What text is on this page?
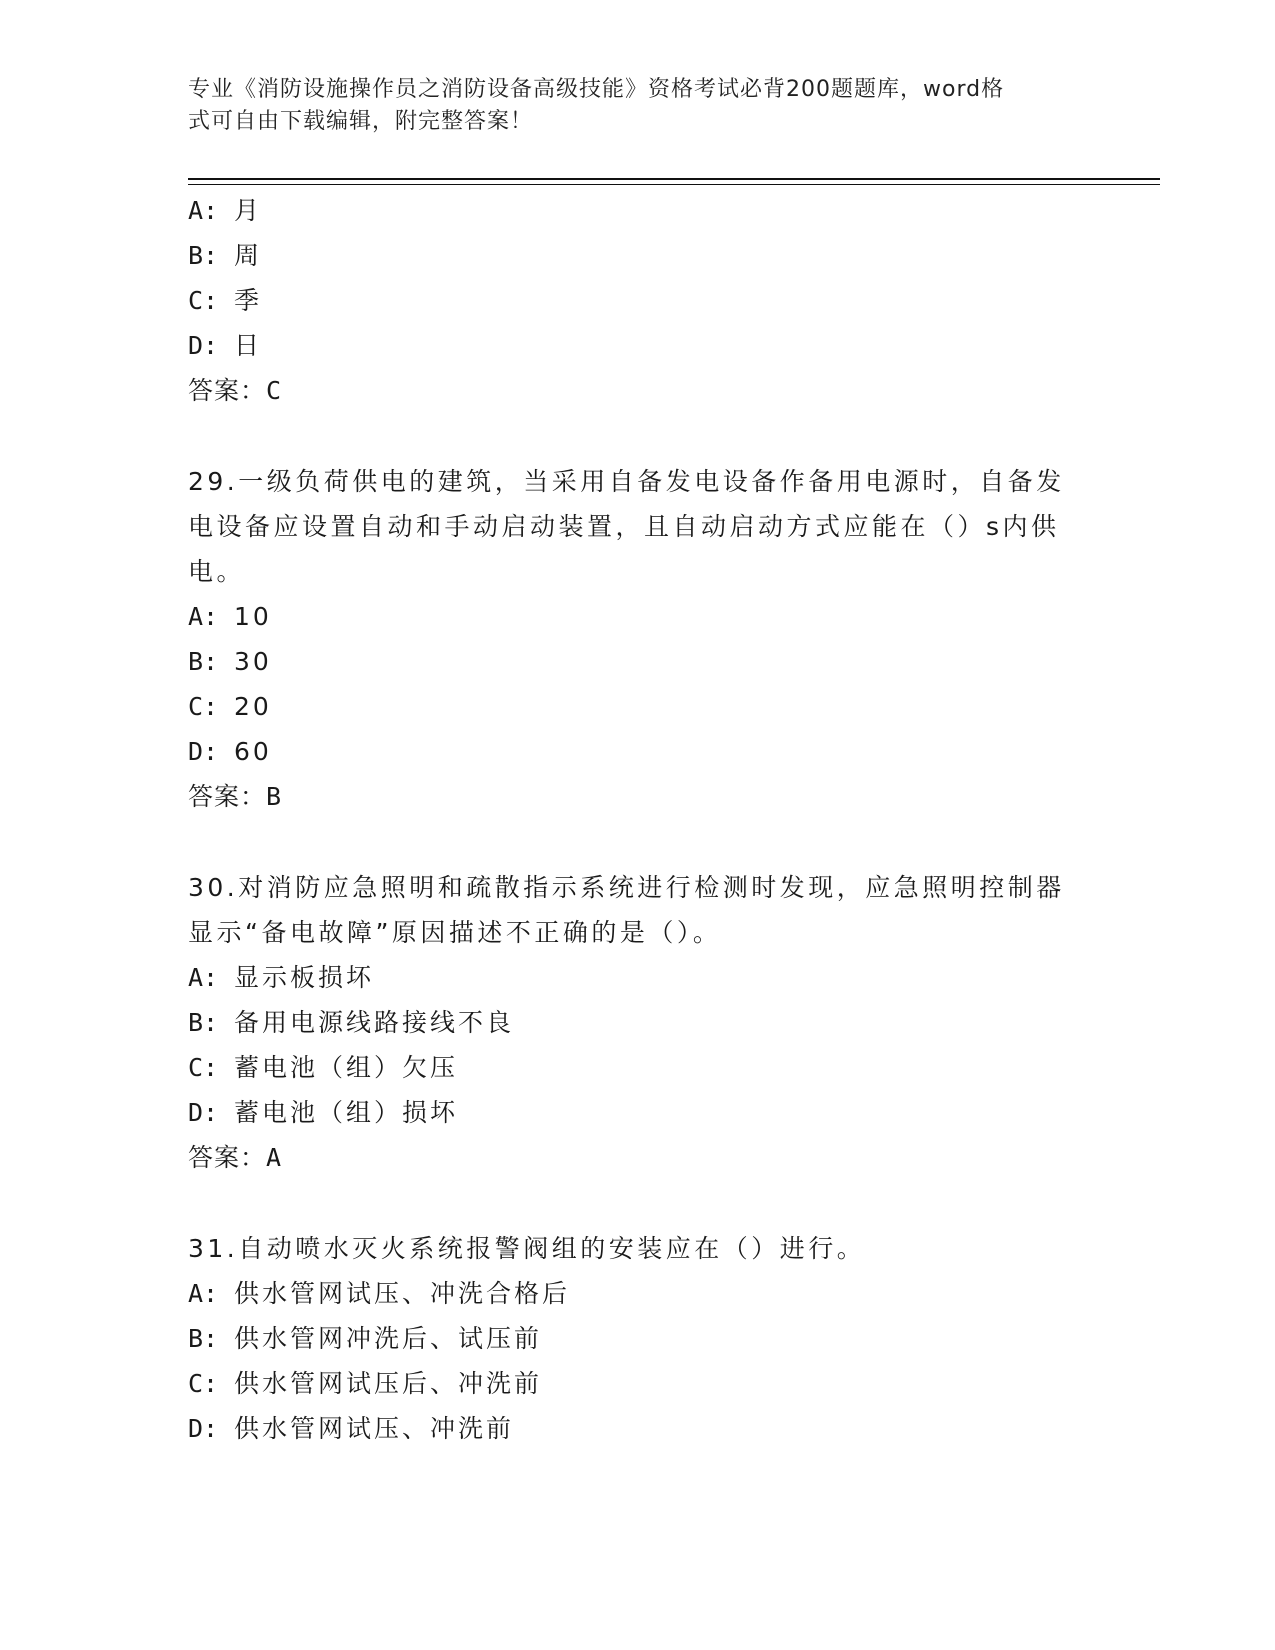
专业《消防设施操作员之消防设备高级技能》资格考试必背200题题库，word格
式可自由下载编辑，附完整答案！
A: 月
B: 周
C: 季
D: 日
答案：C
29.一级负荷供电的建筑，当采用自备发电设备作备用电源时，自备发
电设备应设置自动和手动启动装置，且自动启动方式应能在（）s内供
电。
A: 10
B: 30
C: 20
D: 60
答案：B
30.对消防应急照明和疏散指示系统进行检测时发现，应急照明控制器
显示“备电故障”原因描述不正确的是（）。
A: 显示板损坏
B: 备用电源线路接线不良
C: 蓄电池（组）欠压
D: 蓄电池（组）损坏
答案：A
31.自动喷水灭火系统报警阀组的安装应在（）进行。
A: 供水管网试压、冲洗合格后
B: 供水管网冲洗后、试压前
C: 供水管网试压后、冲洗前
D: 供水管网试压、冲洗前
